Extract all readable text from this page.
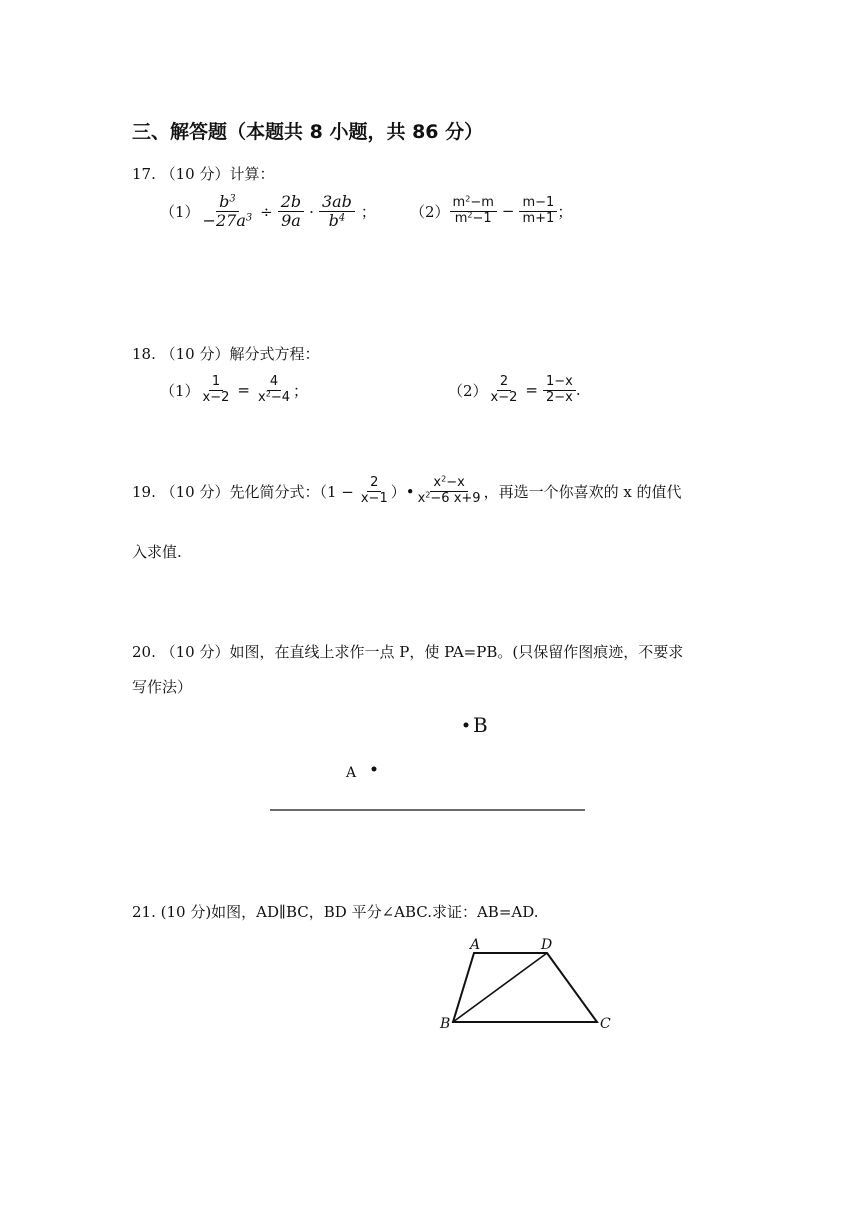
三、解答题（本题共 8 小题，共 86 分）
17. （10 分）计算：
$(1) \frac{b^3}{-27a^3} \div \frac{2b}{9a} \cdot \frac{3ab}{b^4}$ ； $(2) \frac{m^2-m}{m^2-1} - \frac{m-1}{m+1}$ ；
18. （10 分）解分式方程：
$(1) \frac{1}{x-2} = \frac{4}{x^2-4}$ ；	$(2) \frac{2}{x-2} = \frac{1-x}{2-x}$ .
19. （10 分）先化简分式：（$1 - \frac{2}{x-1}$ ）• $\frac{x^2-x}{x^2-6 x+9}$ ，再选一个你喜欢的 x 的值代
入求值.
20. （10 分）如图，在直线上求作一点 P，使 PA=PB。(只保留作图痕迹，不要求
写作法）
B
A
21. (10 分)如图，AD∥BC，BD 平分∠ABC.求证：AB=AD.
A	D
B	C
